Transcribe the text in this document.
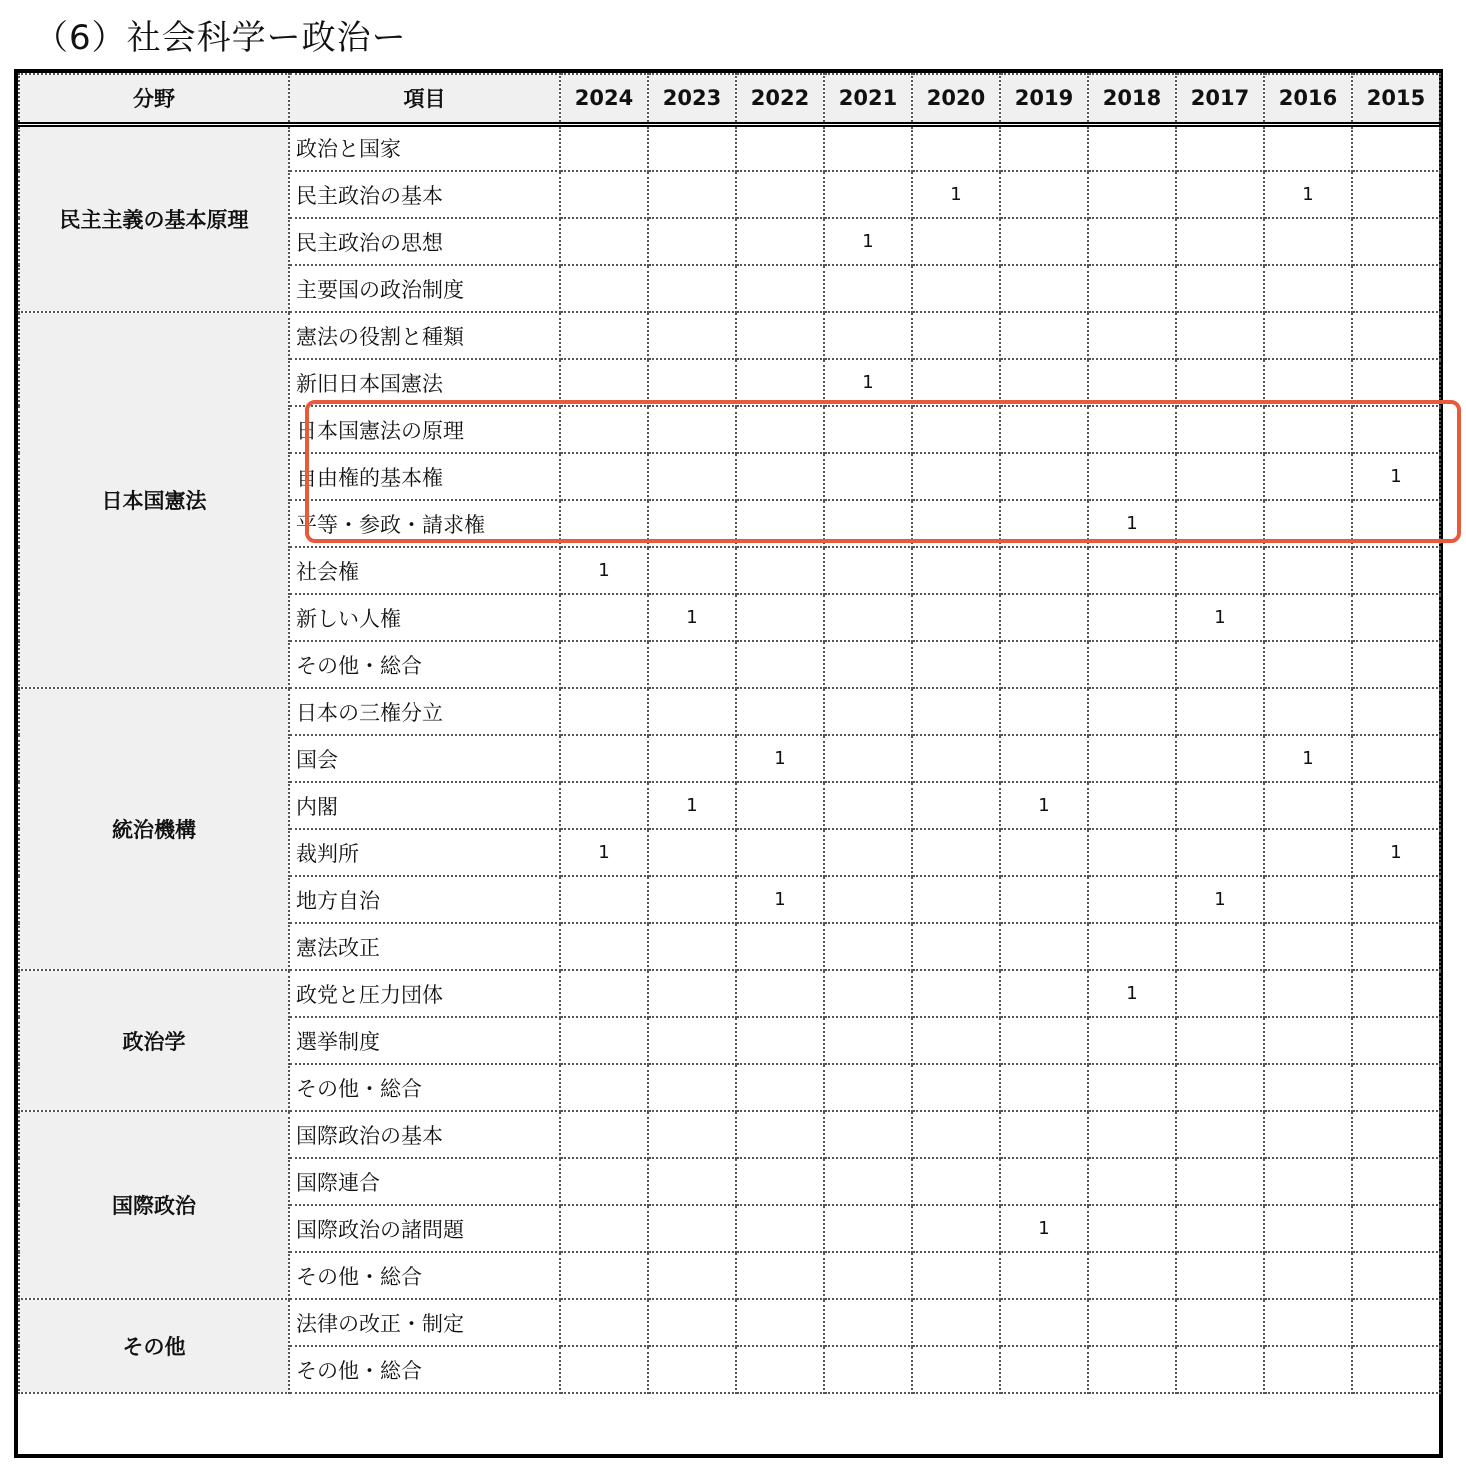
（6）社会科学ー政治ー
分野	項目	2024	2023	2022	2021	2020	2019	2018	2017	2016	2015
民主主義の基本原理	政治と国家										
	民主政治の基本					1				1	
	民主政治の思想				1						
	主要国の政治制度										
日本国憲法	憲法の役割と種類										
	新旧日本国憲法				1						
	日本国憲法の原理										
	自由権的基本権										1
	平等・参政・請求権							1			
	社会権	1									
	新しい人権		1						1		
	その他・総合										
統治機構	日本の三権分立										
	国会			1						1	
	内閣		1				1				
	裁判所	1									1
	地方自治			1					1		
	憲法改正										
政治学	政党と圧力団体							1			
	選挙制度										
	その他・総合										
国際政治	国際政治の基本										
	国際連合										
	国際政治の諸問題						1				
	その他・総合										
その他	法律の改正・制定										
	その他・総合										
